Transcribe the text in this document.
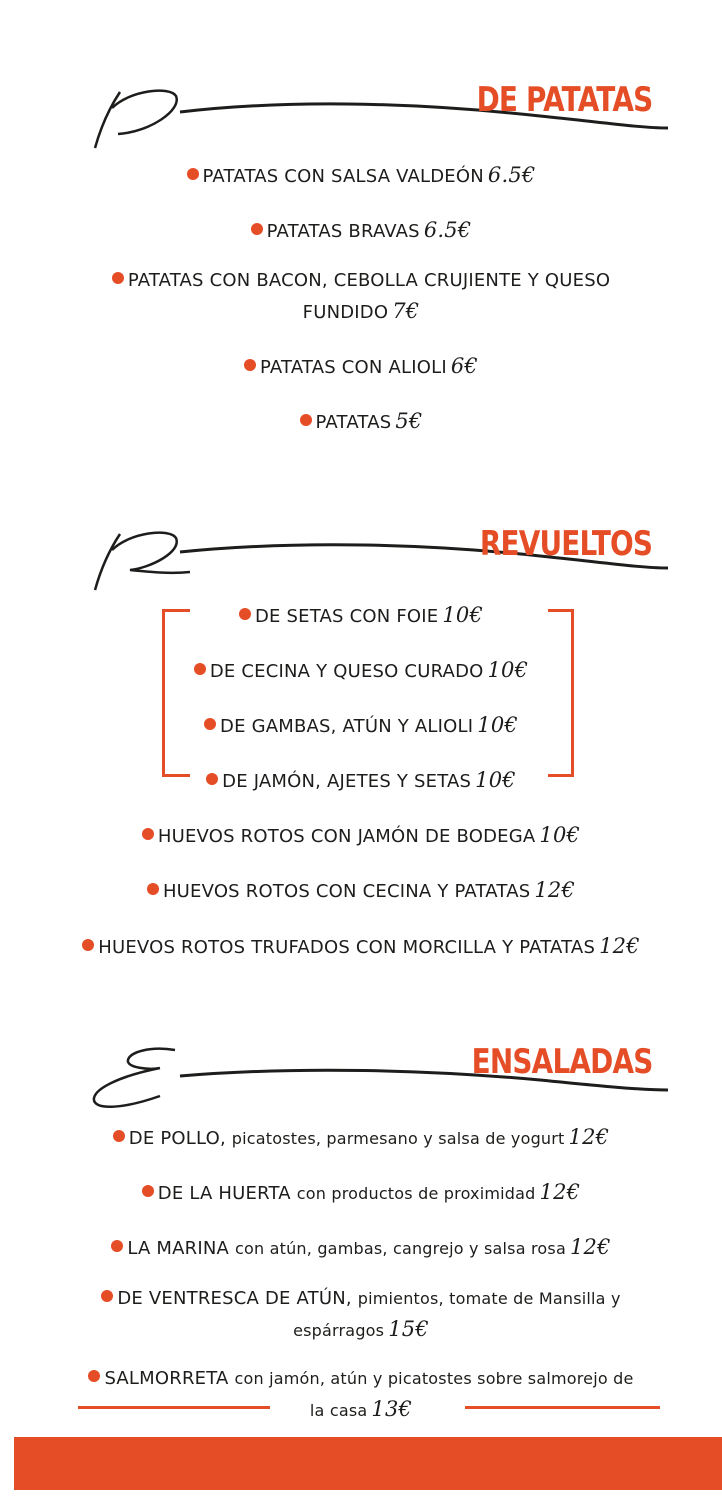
DE PATATAS
PATATAS CON SALSA VALDEÓN 6.5€
PATATAS BRAVAS 6.5€
PATATAS CON BACON, CEBOLLA CRUJIENTE Y QUESO
FUNDIDO 7€
PATATAS CON ALIOLI 6€
PATATAS 5€
REVUELTOS
DE SETAS CON FOIE 10€
DE CECINA Y QUESO CURADO 10€
DE GAMBAS, ATÚN Y ALIOLI 10€
DE JAMÓN, AJETES Y SETAS 10€
HUEVOS ROTOS CON JAMÓN DE BODEGA 10€
HUEVOS ROTOS CON CECINA Y PATATAS 12€
HUEVOS ROTOS TRUFADOS CON MORCILLA Y PATATAS 12€
ENSALADAS
DE POLLO, picatostes, parmesano y salsa de yogurt 12€
DE LA HUERTA con productos de proximidad 12€
LA MARINA con atún, gambas, cangrejo y salsa rosa 12€
DE VENTRESCA DE ATÚN, pimientos, tomate de Mansilla y
espárragos 15€
SALMORRETA con jamón, atún y picatostes sobre salmorejo de
la casa 13€
